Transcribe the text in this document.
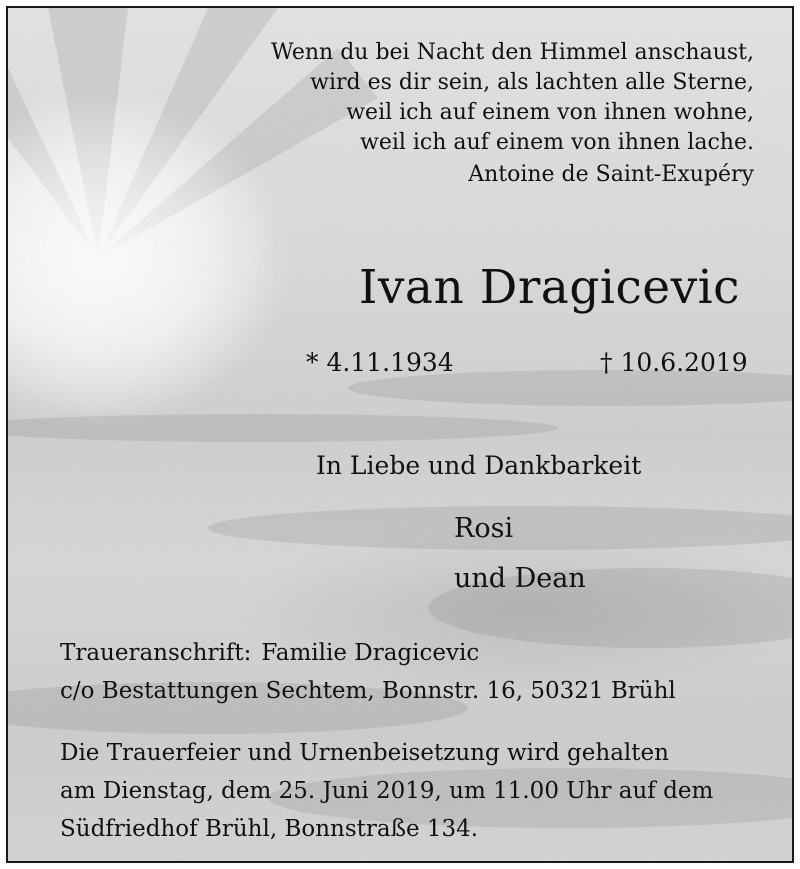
Wenn du bei Nacht den Himmel anschaust,
wird es dir sein, als lachten alle Sterne,
weil ich auf einem von ihnen wohne,
weil ich auf einem von ihnen lache.
Antoine de Saint-Exupéry
Ivan Dragicevic
* 4.11.1934	† 10.6.2019
In Liebe und Dankbarkeit
Rosi
und Dean
Traueranschrift: Familie Dragicevic
c/o Bestattungen Sechtem, Bonnstr. 16, 50321 Brühl
Die Trauerfeier und Urnenbeisetzung wird gehalten
am Dienstag, dem 25. Juni 2019, um 11.00 Uhr auf dem
Südfriedhof Brühl, Bonnstraße 134.
